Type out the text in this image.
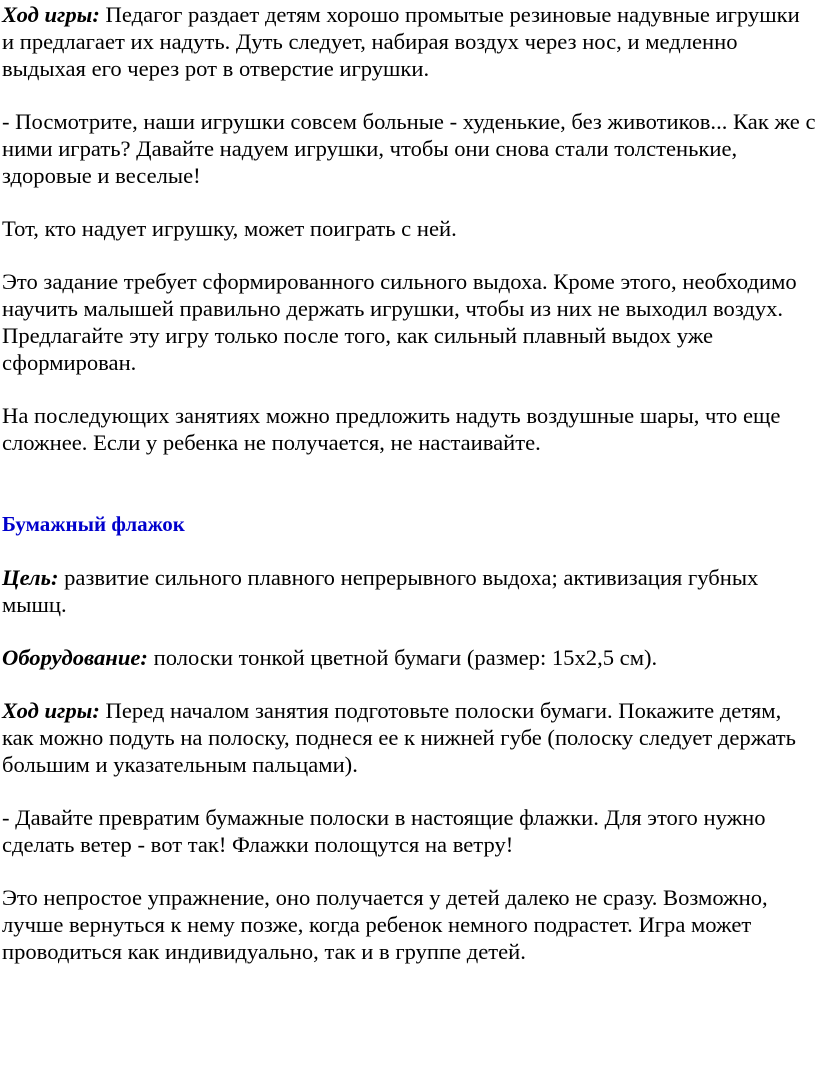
Ход игры: Педагог раздает детям хорошо промытые резиновые надувные игрушки и предлагает их надуть. Дуть следует, набирая воздух через нос, и медленно выдыхая его через рот в отверстие игрушки.

- Посмотрите, наши игрушки совсем больные - худенькие, без животиков... Как же с ними играть? Давайте надуем игрушки, чтобы они снова стали толстенькие, здоровые и веселые!

Тот, кто надует игрушку, может поиграть с ней.

Это задание требует сформированного сильного выдоха. Кроме этого, необходимо научить малышей правильно держать игрушки, чтобы из них не выходил воздух. Предлагайте эту игру только после того, как сильный плавный выдох уже сформирован.

На последующих занятиях можно предложить надуть воздушные шары, что еще сложнее. Если у ребенка не получается, не настаивайте.

Бумажный флажок

Цель: развитие сильного плавного непрерывного выдоха; активизация губных мышц.

Оборудование: полоски тонкой цветной бумаги (размер: 15х2,5 см).

Ход игры: Перед началом занятия подготовьте полоски бумаги. Покажите детям, как можно подуть на полоску, поднеся ее к нижней губе (полоску следует держать большим и указательным пальцами).

- Давайте превратим бумажные полоски в настоящие флажки. Для этого нужно сделать ветер - вот так! Флажки полощутся на ветру!

Это непростое упражнение, оно получается у детей далеко не сразу. Возможно, лучше вернуться к нему позже, когда ребенок немного подрастет. Игра может проводиться как индивидуально, так и в группе детей.
